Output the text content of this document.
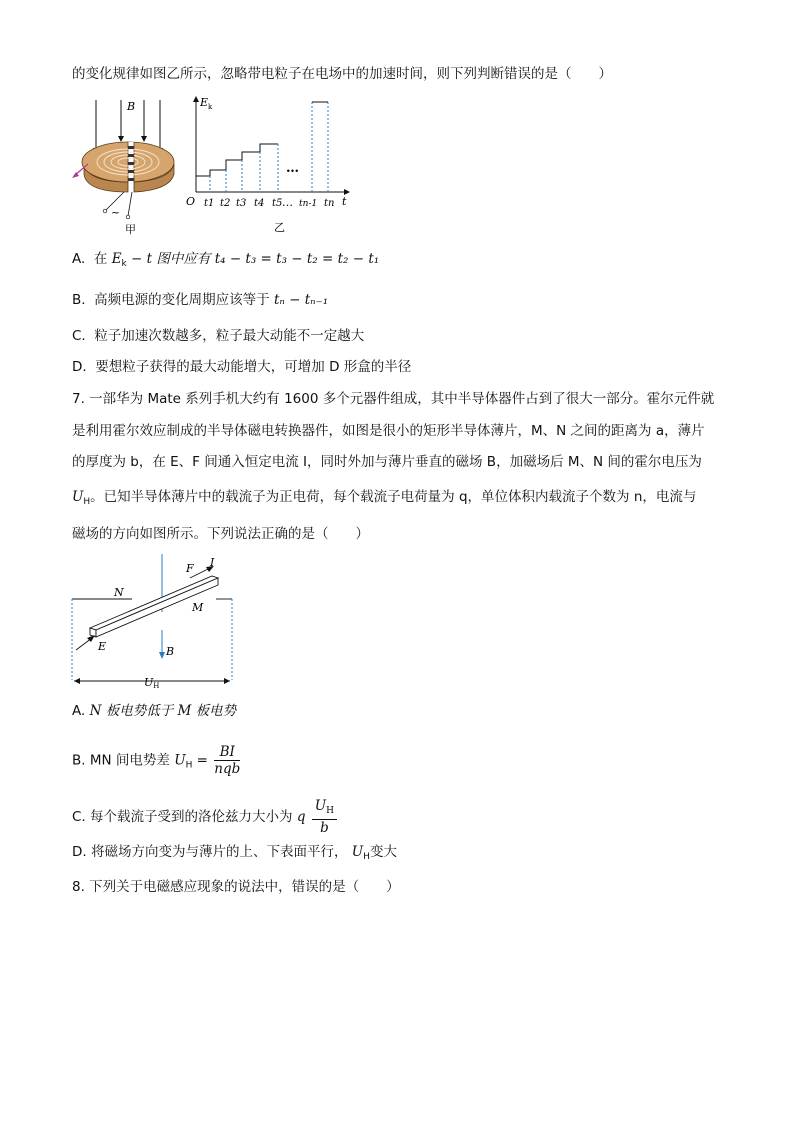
的变化规律如图乙所示，忽略带电粒子在电场中的加速时间，则下列判断错误的是（　　）
B
~
甲
$E_k$
t
O
…
…
t1 t2 t3 t4 t5 tn-1 tn
乙
A. 在 $E_k - t$ 图中应有 t₄ − t₃ = t₃ − t₂ = t₂ − t₁
B. 高频电源的变化周期应该等于 tₙ − tₙ₋₁
C. 粒子加速次数越多，粒子最大动能不一定越大
D. 要想粒子获得的最大动能增大，可增加 D 形盒的半径
7. 一部华为 Mate 系列手机大约有 1600 多个元器件组成，其中半导体器件占到了很大一部分。霍尔元件就
是利用霍尔效应制成的半导体磁电转换器件，如图是很小的矩形半导体薄片，M、N 之间的距离为 a，薄片
的厚度为 b，在 E、F 间通入恒定电流 I，同时外加与薄片垂直的磁场 B，加磁场后 M、N 间的霍尔电压为
$U_H$。已知半导体薄片中的载流子为正电荷，每个载流子电荷量为 q，单位体积内载流子个数为 n，电流与
磁场的方向如图所示。下列说法正确的是（　　）
F I
N
M
E	B
UH
A. N 板电势低于 M 板电势
B. MN 间电势差 $U_H = \frac{BI}{\text{nqb}}$
C. 每个载流子受到的洛伦兹力大小为 q $\frac{U_H}{b}$
D. 将磁场方向变为与薄片的上、下表面平行， $U_H$变大
8. 下列关于电磁感应现象的说法中，错误的是（　　）
